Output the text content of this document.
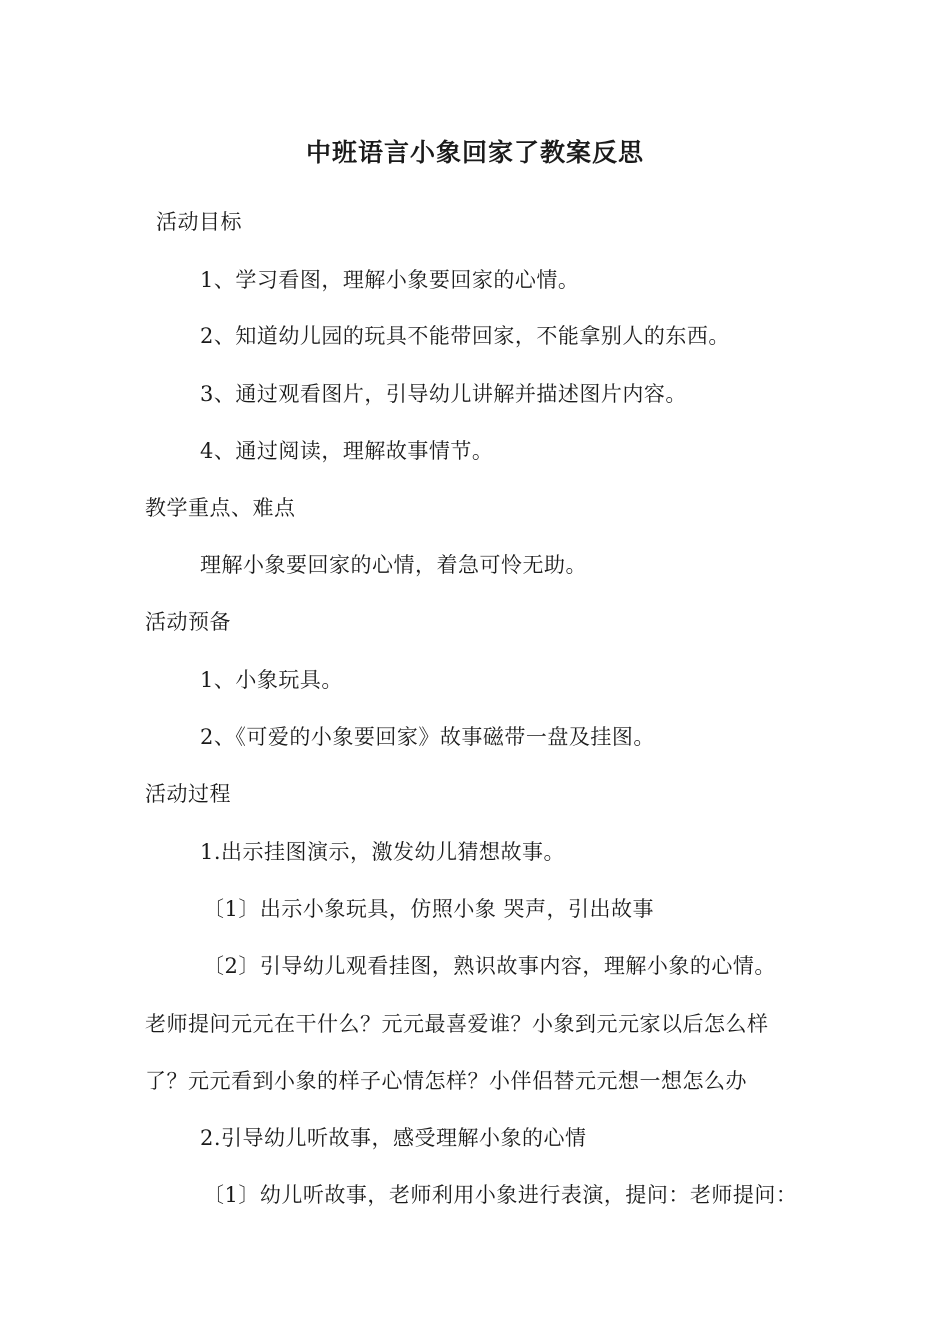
中班语言小象回家了教案反思
活动目标
1、学习看图，理解小象要回家的心情。
2、知道幼儿园的玩具不能带回家，不能拿别人的东西。
3、通过观看图片，引导幼儿讲解并描述图片内容。
4、通过阅读，理解故事情节。
教学重点、难点
理解小象要回家的心情，着急可怜无助。
活动预备
1、小象玩具。
2、《可爱的小象要回家》故事磁带一盘及挂图。
活动过程
1.出示挂图演示，激发幼儿猜想故事。
〔1〕出示小象玩具，仿照小象 哭声，引出故事
〔2〕引导幼儿观看挂图，熟识故事内容，理解小象的心情。
老师提问元元在干什么？元元最喜爱谁？小象到元元家以后怎么样
了？元元看到小象的样子心情怎样？小伴侣替元元想一想怎么办
2.引导幼儿听故事，感受理解小象的心情
〔1〕幼儿听故事，老师利用小象进行表演，提问：老师提问：
